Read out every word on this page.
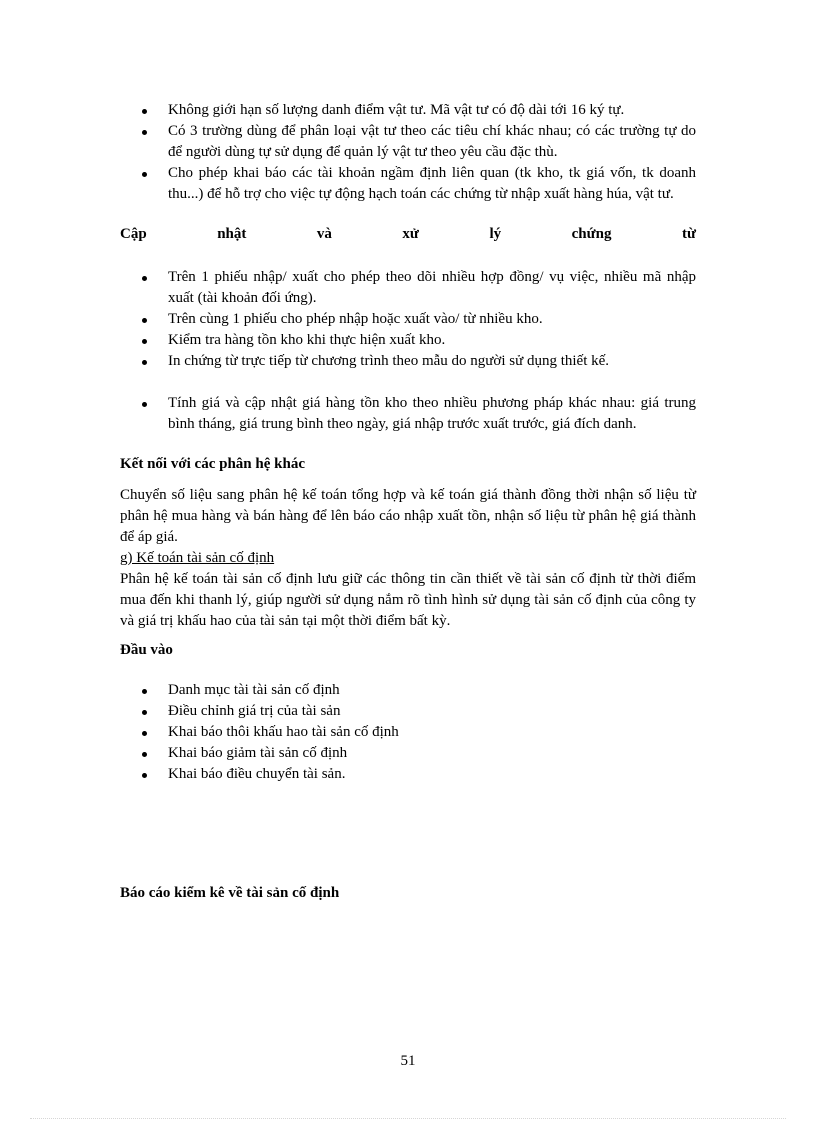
Không giới hạn số lượng danh điểm vật tư. Mã vật tư có độ dài tới 16 ký tự.
Có 3 trường dùng để phân loại vật tư theo các tiêu chí khác nhau; có các trường tự do để người dùng tự sử dụng để quản lý vật tư theo yêu cầu đặc thù.
Cho phép khai báo các tài khoản ngầm định liên quan (tk kho, tk giá vốn, tk doanh thu...) để hỗ trợ cho việc tự động hạch toán các chứng từ nhập xuất hàng húa, vật tư.
Cập	nhật	và	xử	lý	chứng	từ
Trên 1 phiếu nhập/ xuất cho phép theo dõi nhiều hợp đồng/ vụ việc, nhiều mã nhập xuất (tài khoản đối ứng).
Trên cùng 1 phiếu cho phép nhập hoặc xuất vào/ từ nhiều kho.
Kiểm tra hàng tồn kho khi thực hiện xuất kho.
In chứng từ trực tiếp từ chương trình theo mẫu do người sử dụng thiết kế.
Tính giá và cập nhật giá hàng tồn kho theo nhiều phương pháp khác nhau: giá trung bình tháng, giá trung bình theo ngày, giá nhập trước xuất trước, giá đích danh.
Kết nối với các phân hệ khác
Chuyển số liệu sang phân hệ kế toán tổng hợp và kế toán giá thành đồng thời nhận số liệu từ phân hệ mua hàng và bán hàng để lên báo cáo nhập xuất tồn, nhận số liệu từ phân hệ giá thành để áp giá.
g) Kế toán tài sản cố định
Phân hệ kế toán tài sản cố định lưu giữ các thông tin cần thiết về tài sản cố định từ thời điểm mua đến khi thanh lý, giúp người sử dụng nắm rõ tình hình sử dụng tài sản cố định của công ty và giá trị khấu hao của tài sản tại một thời điểm bất kỳ.
Đầu vào
Danh mục tài tài sản cố định
Điều chỉnh giá trị của tài sản
Khai báo thôi khấu hao tài sản cố định
Khai báo giảm tài sản cố định
Khai báo điều chuyển tài sản.
Báo cáo kiểm kê về tài sản cố định
51
